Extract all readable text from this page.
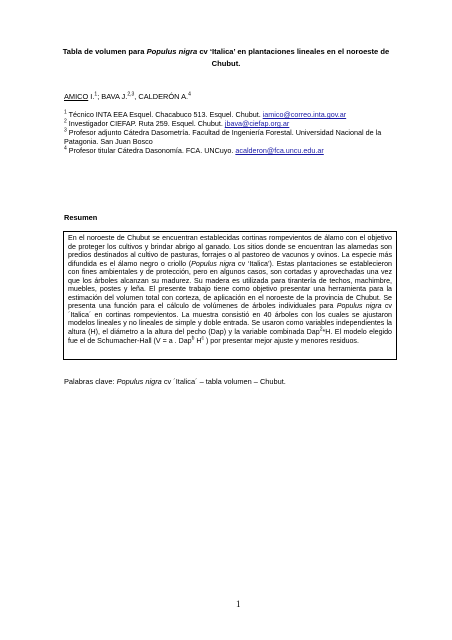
Tabla de volumen para Populus nigra cv ‘Italica’ en plantaciones lineales en el noroeste de Chubut.
AMICO I.$^1$; BAVA J.$^{2,3}$, CALDERÓN A.$^4$
$^1$ Técnico INTA EEA Esquel. Chacabuco 513. Esquel. Chubut. iamico@correo.inta.gov.ar
$^2$ Investigador CIEFAP. Ruta 259. Esquel. Chubut. jbava@ciefap.org.ar
$^3$ Profesor adjunto Cátedra Dasometría. Facultad de Ingeniería Forestal. Universidad Nacional de la Patagonia. San Juan Bosco
$^4$ Profesor titular Cátedra Dasonomía. FCA. UNCuyo. acalderon@fca.uncu.edu.ar
Resumen
En el noroeste de Chubut se encuentran establecidas cortinas rompevientos de álamo con el objetivo de proteger los cultivos y brindar abrigo al ganado. Los sitios donde se encuentran las alamedas son predios destinados al cultivo de pasturas, forrajes o al pastoreo de vacunos y ovinos. La especie más difundida es el álamo negro o criollo (Populus nigra cv ‘Italica’). Estas plantaciones se establecieron con fines ambientales y de protección, pero en algunos casos, son cortadas y aprovechadas una vez que los árboles alcanzan su madurez. Su madera es utilizada para tirantería de techos, machimbre, muebles, postes y leña. El presente trabajo tiene como objetivo presentar una herramienta para la estimación del volumen total con corteza, de aplicación en el noroeste de la provincia de Chubut. Se presenta una función para el cálculo de volúmenes de árboles individuales para Populus nigra cv ´Italica´ en cortinas rompevientos. La muestra consistió en 40 árboles con los cuales se ajustaron modelos lineales y no lineales de simple y doble entrada. Se usaron como variables independientes la altura (H), el diámetro a la altura del pecho (Dap) y la variable combinada Dap$^2$*H. El modelo elegido fue el de Schumacher-Hall (V = a . Dap$^b$ $H^c$ ) por presentar mejor ajuste y menores residuos.
Palabras clave: Populus nigra cv ´Italica´ – tabla volumen – Chubut.
1
